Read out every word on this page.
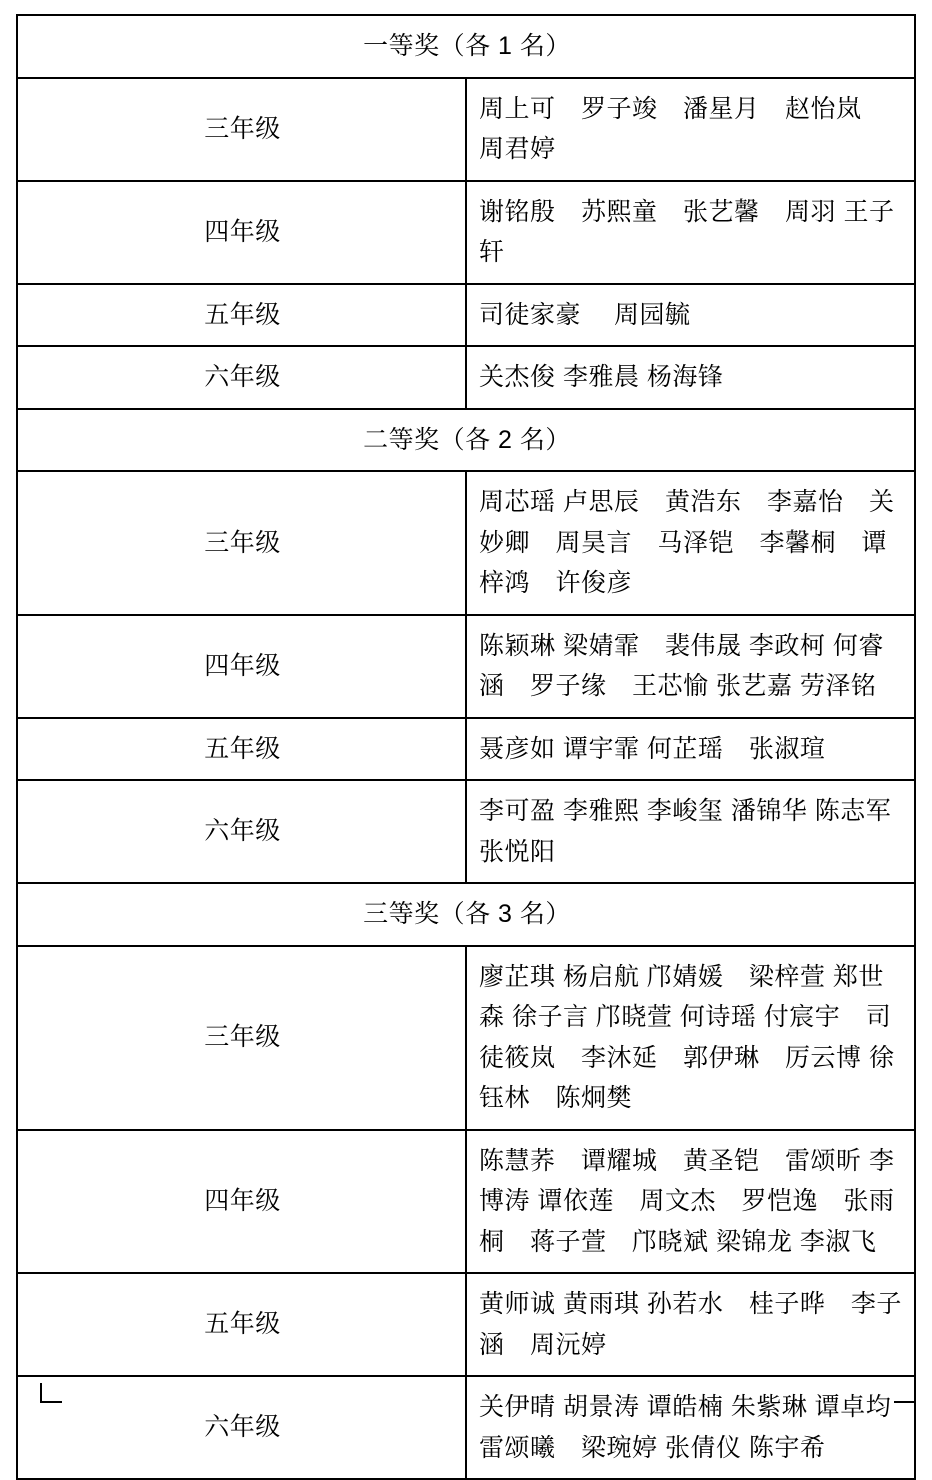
一等奖（各 1 名）	
三年级	周上可　罗子竣　潘星月　赵怡岚　 周君婷
四年级	谢铭殷　苏熙童　张艺馨　周羽 王子轩
五年级	司徒家豪　 周园毓
六年级	关杰俊 李雅晨 杨海锋
二等奖（各 2 名）	
三年级	周芯瑶 卢思辰　黄浩东　李嘉怡　关妙卿　周昊言　马泽铠　李馨桐　谭梓鸿　许俊彦
四年级	陈颖琳 梁婧霏　裴伟晟 李政柯 何睿涵　罗子缘　王芯愉 张艺嘉 劳泽铭
五年级	聂彦如 谭宇霏 何芷瑶　张淑瑄
六年级	李可盈 李雅熙 李峻玺 潘锦华 陈志军 张悦阳
三等奖（各 3 名）	
三年级	廖芷琪 杨启航 邝婧媛　梁梓萱 郑世森 徐子言 邝晓萱 何诗瑶 付宸宇　司徒筱岚　李沐延　郭伊琳　厉云博 徐钰林　陈炯樊
四年级	陈慧荞　谭耀城　黄圣铠　雷颂昕 李博涛 谭依莲　周文杰　罗恺逸　张雨桐　蒋子萱　邝晓斌 梁锦龙 李淑飞
五年级	黄师诚 黄雨琪 孙若水　桂子晔　李子涵　周沅婷
六年级	关伊晴 胡景涛 谭皓楠 朱紫琳 谭卓均 雷颂曦　梁琬婷 张倩仪 陈宇希
